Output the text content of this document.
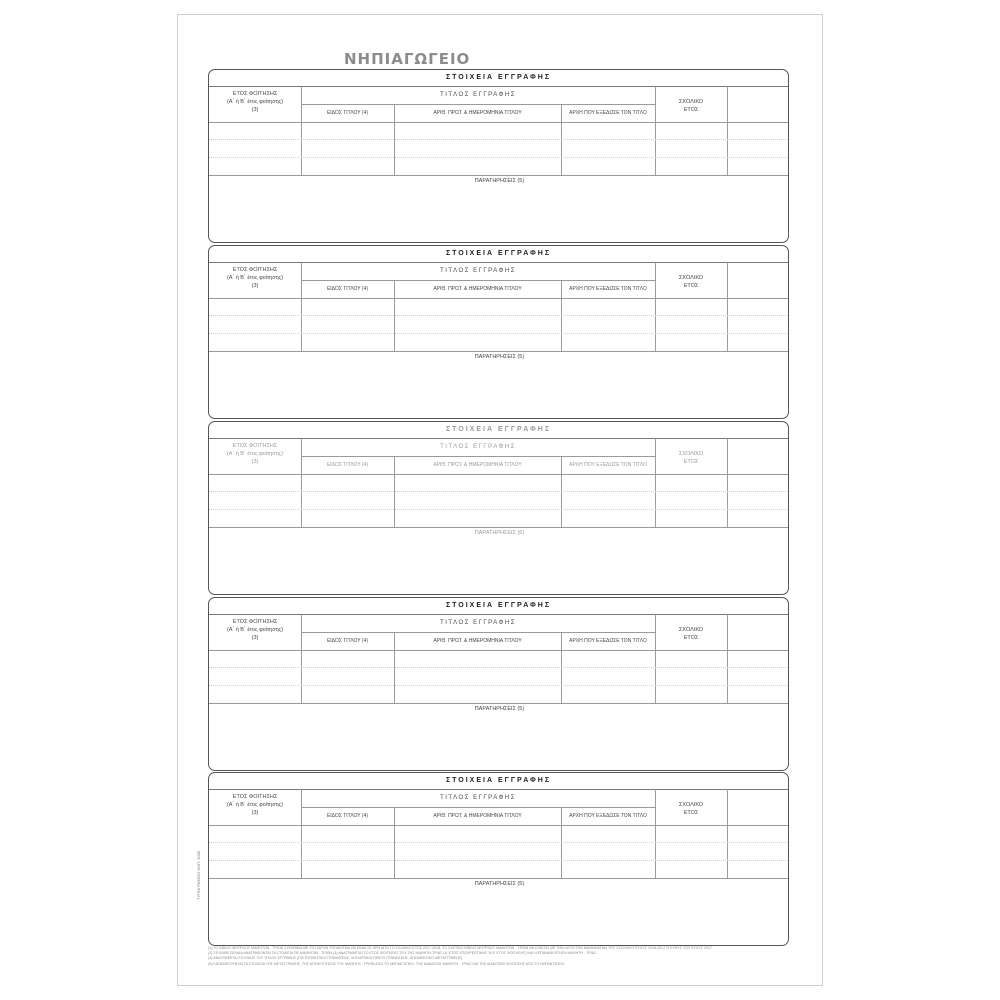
ΝΗΠΙΑΓΩΓΕΙΟ
ΣΤΟΙΧΕΙΑ ΕΓΓΡΑΦΗΣ
ΕΤΟΣ ΦΟΙΤΗΣΗΣ
(Α΄ ή Β΄ έτος φοίτησης)
(3)
ΤΙΤΛΟΣ ΕΓΓΡΑΦΗΣ
ΕΙΔΟΣ ΤΙΤΛΟΥ (4)	ΑΡΙΘ. ΠΡΩΤ. & ΗΜΕΡΟΜΗΝΙΑ ΤΙΤΛΟΥ	ΑΡΧΗ ΠΟΥ ΕΞΕΔΩΣΕ ΤΟΝ ΤΙΤΛΟ
ΣΧΟΛΙΚΟ
ΕΤΟΣ
ΠΑΡΑΤΗΡΗΣΕΙΣ (5)
ΣΤΟΙΧΕΙΑ ΕΓΓΡΑΦΗΣ
ΕΤΟΣ ΦΟΙΤΗΣΗΣ
(Α΄ ή Β΄ έτος φοίτησης)
(3)
ΤΙΤΛΟΣ ΕΓΓΡΑΦΗΣ
ΕΙΔΟΣ ΤΙΤΛΟΥ (4)	ΑΡΙΘ. ΠΡΩΤ. & ΗΜΕΡΟΜΗΝΙΑ ΤΙΤΛΟΥ	ΑΡΧΗ ΠΟΥ ΕΞΕΔΩΣΕ ΤΟΝ ΤΙΤΛΟ
ΣΧΟΛΙΚΟ
ΕΤΟΣ
ΠΑΡΑΤΗΡΗΣΕΙΣ (5)
ΣΤΟΙΧΕΙΑ ΕΓΓΡΑΦΗΣ
ΕΤΟΣ ΦΟΙΤΗΣΗΣ
(Α΄ ή Β΄ έτος φοίτησης)
(3)
ΤΙΤΛΟΣ ΕΓΓΡΑΦΗΣ
ΕΙΔΟΣ ΤΙΤΛΟΥ (4)	ΑΡΙΘ. ΠΡΩΤ. & ΗΜΕΡΟΜΗΝΙΑ ΤΙΤΛΟΥ	ΑΡΧΗ ΠΟΥ ΕΞΕΔΩΣΕ ΤΟΝ ΤΙΤΛΟ
ΣΧΟΛΙΚΟ
ΕΤΟΣ
ΠΑΡΑΤΗΡΗΣΕΙΣ (5)
ΣΤΟΙΧΕΙΑ ΕΓΓΡΑΦΗΣ
ΕΤΟΣ ΦΟΙΤΗΣΗΣ
(Α΄ ή Β΄ έτος φοίτησης)
(3)
ΤΙΤΛΟΣ ΕΓΓΡΑΦΗΣ
ΕΙΔΟΣ ΤΙΤΛΟΥ (4)	ΑΡΙΘ. ΠΡΩΤ. & ΗΜΕΡΟΜΗΝΙΑ ΤΙΤΛΟΥ	ΑΡΧΗ ΠΟΥ ΕΞΕΔΩΣΕ ΤΟΝ ΤΙΤΛΟ
ΣΧΟΛΙΚΟ
ΕΤΟΣ
ΠΑΡΑΤΗΡΗΣΕΙΣ (5)
ΣΤΟΙΧΕΙΑ ΕΓΓΡΑΦΗΣ
ΕΤΟΣ ΦΟΙΤΗΣΗΣ
(Α΄ ή Β΄ έτος φοίτησης)
(3)
ΤΙΤΛΟΣ ΕΓΓΡΑΦΗΣ
ΕΙΔΟΣ ΤΙΤΛΟΥ (4)	ΑΡΙΘ. ΠΡΩΤ. & ΗΜΕΡΟΜΗΝΙΑ ΤΙΤΛΟΥ	ΑΡΧΗ ΠΟΥ ΕΞΕΔΩΣΕ ΤΟΝ ΤΙΤΛΟ
ΣΧΟΛΙΚΟ
ΕΤΟΣ
ΠΑΡΑΤΗΡΗΣΕΙΣ (5)
ΤΥΠΟΓΡΑΦΕΙΟ ΝΗΠ. 5006
(1) ΤΟ ΒΙΒΛΙΟ ΜΗΤΡΩΟΥ ΜΑΘΗΤΩΝ - ΤΡΙΩΝ ΣΥΜΦΩΝΑ ΜΕ ΤΟ ΠΑΡΟΝ ΥΠΟΔΕΙΓΜΑ ΘΑ ΕΙΝΑΙ ΣΕ ΧΡΗ ΑΠΟ ΤΟ ΣΧΟΛΙΚΟ ΕΤΟΣ 2017-2018. ΤΟ ΣΧΕΤΙΚΟ ΒΙΒΛΙΟ ΜΗΤΡΩΟΥ ΜΑΘΗΤΩΝ - ΤΡΙΩΝ ΘΑ ΚΛΕΙΣΕΙ ΜΕ ΤΗΝ ΛΗΞΗ ΤΩΝ ΜΑΘΗΜΑΤΩΝ ΤΟΥ ΣΧΟΛΙΚΟΥ ΕΤΟΥΣ 2016-2017 Ή ΕΥΘΥΣ ΤΟΥ ΕΤΟΥΣ 2017
(2) ΣΕ ΚΑΘΕ ΣΕΛΙΔΑ ΑΝΑΓΡΑΦΟΝΤΑΙ ΤΑ ΣΤΟΙΧΕΙΑ ΠΕ ΜΑΘΗΤΩΝ - ΤΡΙΩΝ (3) ΑΝΑΓΡΑΦΕΤΑΙ ΤΟ ΕΤΟΣ ΦΟΙΤΗΣΗΣ ΤΟΥ ΤΗΣ ΜΑΘΗΤΗ-ΤΡΙΑΣ (Α' ΕΤΟΣ ΥΠΟΧΡΕΩΤΙΚΗΣ Ή Β' ΕΤΟΣ ΦΟΙΤΗΣΗΣ) ΚΑΙ Η ΕΠΑΝΑΦΟΙΤΗΣΗ ΜΑΘΗΤΗ - ΤΡΙΑΣ
(4) ΑΝΑΓΡΑΦΕΤΑΙ ΤΟ ΕΙΔΟΣ ΤΟΥ ΤΙΤΛΟΥ ΕΓΓΡΑΦΗΣ (ΠΙΣΤΟΠΟΙΗΤΙΚΟ ΓΕΝΝΗΣΕΩΣ, ΛΗΞΙΑΡΧΙΚΗ ΠΡΑΞΗ ΓΕΝΝΗΣΕΩΣ, ΑΠΟΔΕΙΚΤΙΚΟ ΜΕΤΕΓΓΡΑΦΗΣ)
(5) ΚΑΤΑΧΩΡΟΥΝΤΑΙ ΤΑ ΣΤΟΙΧΕΙΑ ΤΗΣ ΜΕΤΕΓΓΡΑΦΗΣ, ΤΗΣ ΑΠΟΦΟΙΤΗΣΗΣ ΤΟΥ ΜΑΘΗΤΗ - ΤΡΙΩΝ ΑΠΟ ΤΟ ΝΗΠΙΑΓΩΓΕΙΟ, ΤΗΣ ΑΝΑΔΙΞΗΣ ΜΑΘΗΤΗ - ΤΡΙΑΣ ΚΑΙ ΤΗΣ ΔΙΑΚΟΠΗΣ ΦΟΙΤΗΣΗΣ ΑΠΟ ΤΟ ΝΗΠΙΑΓΩΓΕΙΟ
